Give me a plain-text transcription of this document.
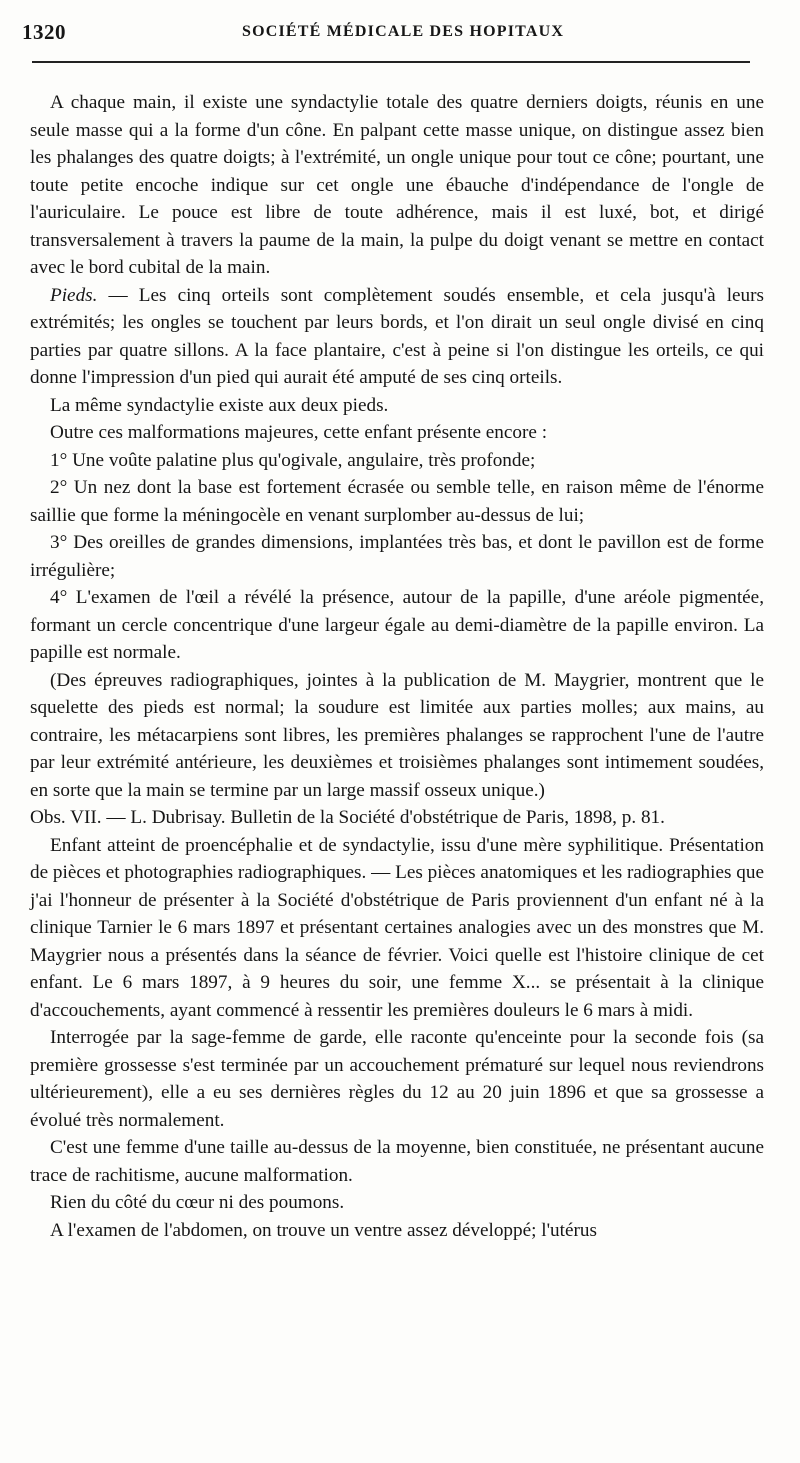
1320	SOCIÉTÉ MÉDICALE DES HOPITAUX

A chaque main, il existe une syndactylie totale des quatre derniers doigts, réunis en une seule masse qui a la forme d'un cône. En palpant cette masse unique, on distingue assez bien les phalanges des quatre doigts; à l'extrémité, un ongle unique pour tout ce cône; pourtant, une toute petite encoche indique sur cet ongle une ébauche d'indépendance de l'ongle de l'auriculaire. Le pouce est libre de toute adhérence, mais il est luxé, bot, et dirigé transversalement à travers la paume de la main, la pulpe du doigt venant se mettre en contact avec le bord cubital de la main.

Pieds. — Les cinq orteils sont complètement soudés ensemble, et cela jusqu'à leurs extrémités; les ongles se touchent par leurs bords, et l'on dirait un seul ongle divisé en cinq parties par quatre sillons. A la face plantaire, c'est à peine si l'on distingue les orteils, ce qui donne l'impression d'un pied qui aurait été amputé de ses cinq orteils.

La même syndactylie existe aux deux pieds.

Outre ces malformations majeures, cette enfant présente encore :

1° Une voûte palatine plus qu'ogivale, angulaire, très profonde;

2° Un nez dont la base est fortement écrasée ou semble telle, en raison même de l'énorme saillie que forme la méningocèle en venant surplomber au-dessus de lui;

3° Des oreilles de grandes dimensions, implantées très bas, et dont le pavillon est de forme irrégulière;

4° L'examen de l'œil a révélé la présence, autour de la papille, d'une aréole pigmentée, formant un cercle concentrique d'une largeur égale au demi-diamètre de la papille environ. La papille est normale.

(Des épreuves radiographiques, jointes à la publication de M. Maygrier, montrent que le squelette des pieds est normal; la soudure est limitée aux parties molles; aux mains, au contraire, les métacarpiens sont libres, les premières phalanges se rapprochent l'une de l'autre par leur extrémité antérieure, les deuxièmes et troisièmes phalanges sont intimement soudées, en sorte que la main se termine par un large massif osseux unique.)

Obs. VII. — L. Dubrisay. Bulletin de la Société d'obstétrique de Paris, 1898, p. 81.

Enfant atteint de proencéphalie et de syndactylie, issu d'une mère syphilitique. Présentation de pièces et photographies radiographiques. — Les pièces anatomiques et les radiographies que j'ai l'honneur de présenter à la Société d'obstétrique de Paris proviennent d'un enfant né à la clinique Tarnier le 6 mars 1897 et présentant certaines analogies avec un des monstres que M. Maygrier nous a présentés dans la séance de février. Voici quelle est l'histoire clinique de cet enfant. Le 6 mars 1897, à 9 heures du soir, une femme X... se présentait à la clinique d'accouchements, ayant commencé à ressentir les premières douleurs le 6 mars à midi.

Interrogée par la sage-femme de garde, elle raconte qu'enceinte pour la seconde fois (sa première grossesse s'est terminée par un accouchement prématuré sur lequel nous reviendrons ultérieurement), elle a eu ses dernières règles du 12 au 20 juin 1896 et que sa grossesse a évolué très normalement.

C'est une femme d'une taille au-dessus de la moyenne, bien constituée, ne présentant aucune trace de rachitisme, aucune malformation.

Rien du côté du cœur ni des poumons.

A l'examen de l'abdomen, on trouve un ventre assez développé; l'utérus
